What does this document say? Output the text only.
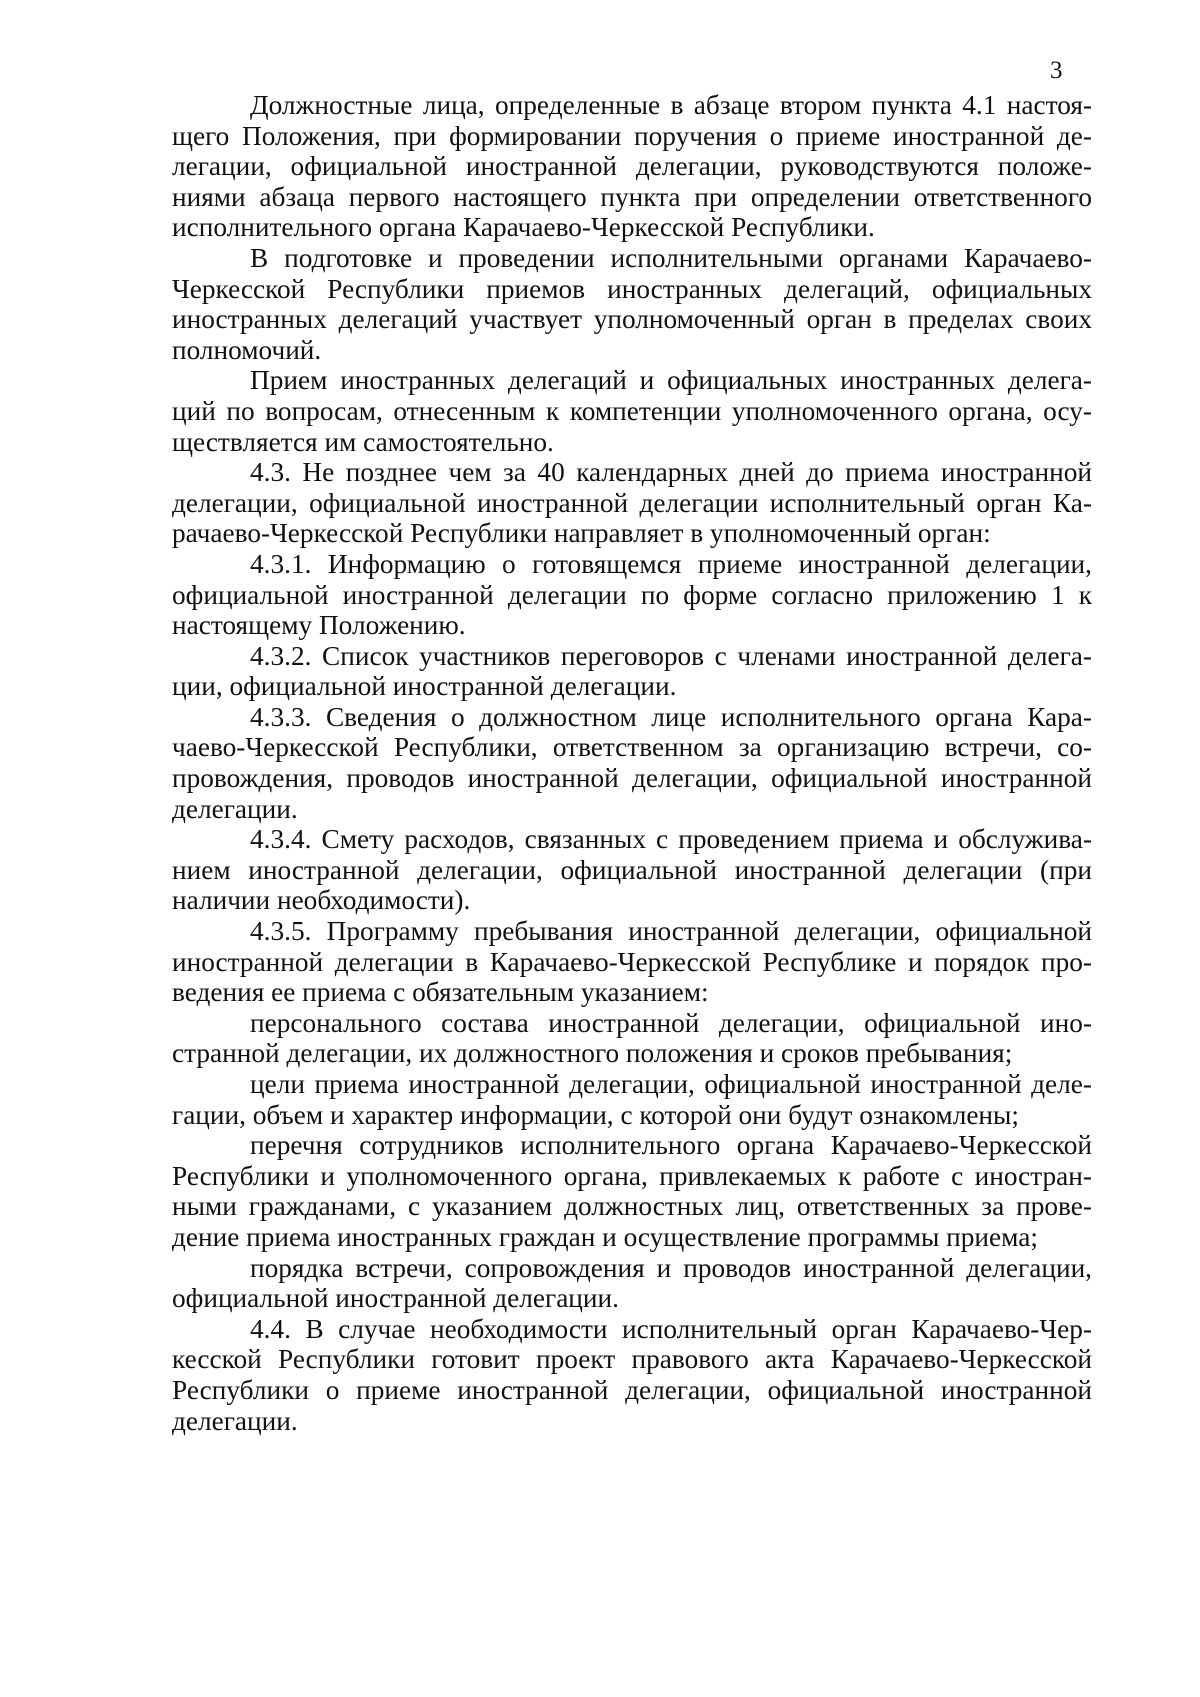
3
Должностные лица, определенные в абзаце втором пункта 4.1 настоя-
щего Положения, при формировании поручения о приеме иностранной де-
легации, официальной иностранной делегации, руководствуются положе-
ниями абзаца первого настоящего пункта при определении ответственного
исполнительного органа Карачаево-Черкесской Республики.
В подготовке и проведении исполнительными органами Карачаево-
Черкесской Республики приемов иностранных делегаций, официальных
иностранных делегаций участвует уполномоченный орган в пределах своих
полномочий.
Прием иностранных делегаций и официальных иностранных делега-
ций по вопросам, отнесенным к компетенции уполномоченного органа, осу-
ществляется им самостоятельно.
4.3. Не позднее чем за 40 календарных дней до приема иностранной
делегации, официальной иностранной делегации исполнительный орган Ка-
рачаево-Черкесской Республики направляет в уполномоченный орган:
4.3.1. Информацию о готовящемся приеме иностранной делегации,
официальной иностранной делегации по форме согласно приложению 1 к
настоящему Положению.
4.3.2. Список участников переговоров с членами иностранной делега-
ции, официальной иностранной делегации.
4.3.3. Сведения о должностном лице исполнительного органа Кара-
чаево-Черкесской Республики, ответственном за организацию встречи, со-
провождения, проводов иностранной делегации, официальной иностранной
делегации.
4.3.4. Смету расходов, связанных с проведением приема и обслужива-
нием иностранной делегации, официальной иностранной делегации (при
наличии необходимости).
4.3.5. Программу пребывания иностранной делегации, официальной
иностранной делегации в Карачаево-Черкесской Республике и порядок про-
ведения ее приема с обязательным указанием:
персонального состава иностранной делегации, официальной ино-
странной делегации, их должностного положения и сроков пребывания;
цели приема иностранной делегации, официальной иностранной деле-
гации, объем и характер информации, с которой они будут ознакомлены;
перечня сотрудников исполнительного органа Карачаево-Черкесской
Республики и уполномоченного органа, привлекаемых к работе с иностран-
ными гражданами, с указанием должностных лиц, ответственных за прове-
дение приема иностранных граждан и осуществление программы приема;
порядка встречи, сопровождения и проводов иностранной делегации,
официальной иностранной делегации.
4.4. В случае необходимости исполнительный орган Карачаево-Чер-
кесской Республики готовит проект правового акта Карачаево-Черкесской
Республики о приеме иностранной делегации, официальной иностранной
делегации.
